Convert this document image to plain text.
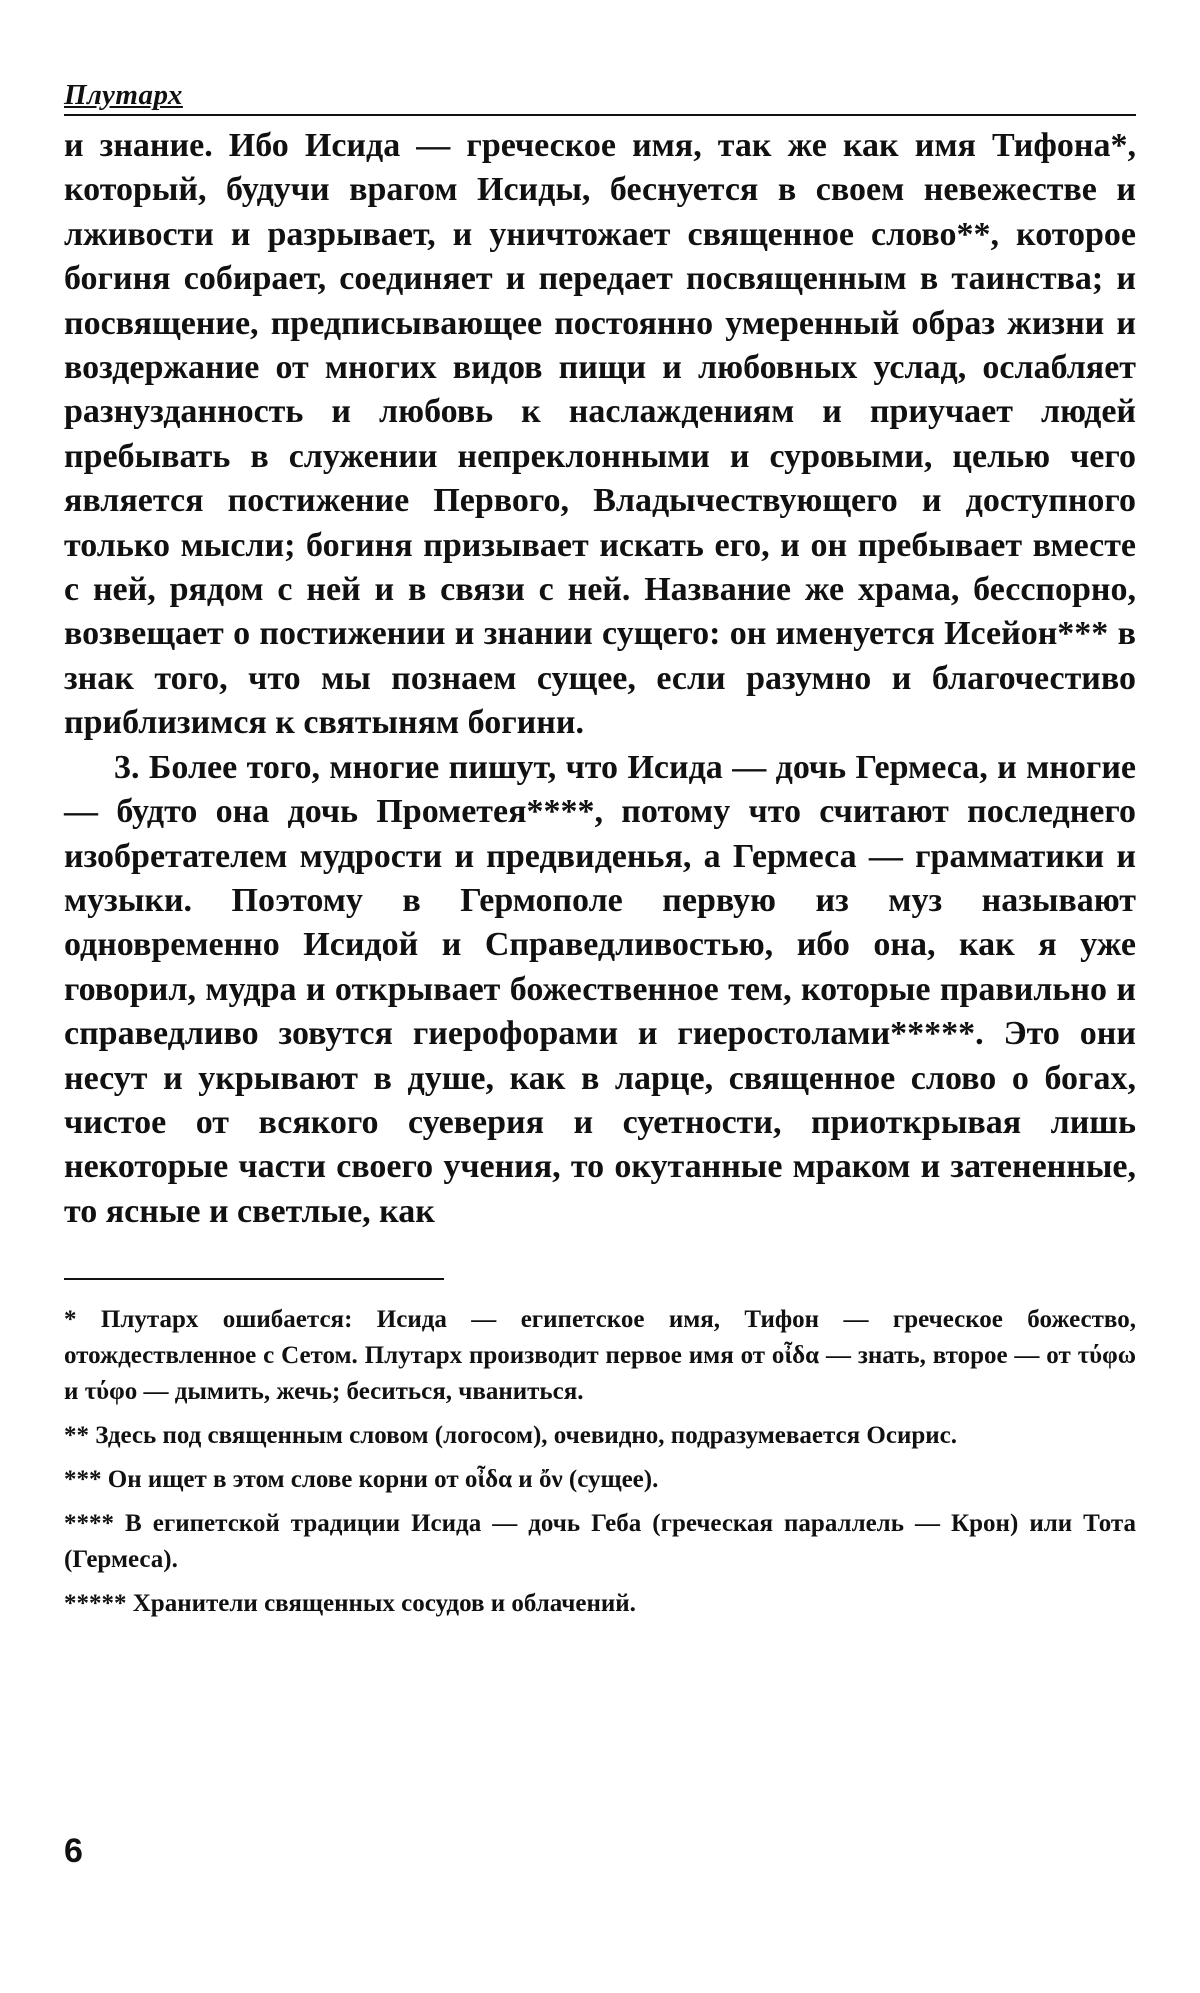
Плутарх

и знание. Ибо Исида — греческое имя, так же как имя Тифона*, который, будучи врагом Исиды, беснуется в своем невежестве и лживости и разрывает, и уничтожает священное слово**, которое богиня собирает, соединяет и передает посвященным в таинства; и посвящение, предписывающее постоянно умеренный образ жизни и воздержание от многих видов пищи и любовных услад, ослабляет разнузданность и любовь к наслаждениям и приучает людей пребывать в служении непреклонными и суровыми, целью чего является постижение Первого, Владычествующего и доступного только мысли; богиня призывает искать его, и он пребывает вместе с ней, рядом с ней и в связи с ней. Название же храма, бесспорно, возвещает о постижении и знании сущего: он именуется Исейон*** в знак того, что мы познаем сущее, если разумно и благочестиво приблизимся к святыням богини.

3. Более того, многие пишут, что Исида — дочь Гермеса, и многие — будто она дочь Прометея****, потому что считают последнего изобретателем мудрости и предвиденья, а Гермеса — грамматики и музыки. Поэтому в Гермополе первую из муз называют одновременно Исидой и Справедливостью, ибо она, как я уже говорил, мудра и открывает божественное тем, которые правильно и справедливо зовутся гиерофорами и гиеростолами*****. Это они несут и укрывают в душе, как в ларце, священное слово о богах, чистое от всякого суеверия и суетности, приоткрывая лишь некоторые части своего учения, то окутанные мраком и затененные, то ясные и светлые, как

* Плутарх ошибается: Исида — египетское имя, Тифон — греческое божество, отождествленное с Сетом. Плутарх производит первое имя от οἶδα — знать, второе — от τύφω и τύφο — дымить, жечь; беситься, чваниться.

** Здесь под священным словом (логосом), очевидно, подразумевается Осирис.

*** Он ищет в этом слове корни от οἶδα и ὄν (сущее).

**** В египетской традиции Исида — дочь Геба (греческая параллель — Крон) или Тота (Гермеса).

***** Хранители священных сосудов и облачений.

6
